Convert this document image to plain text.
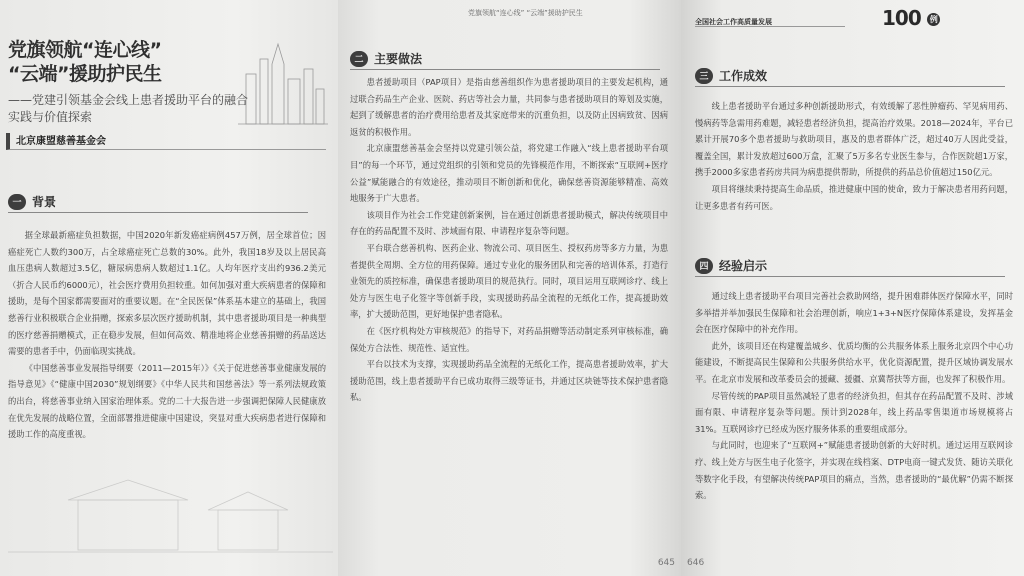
党旗领航“连心线”
“云端”援助护民生
——党建引领基金会线上患者援助平台的融合
实践与价值探索
北京康盟慈善基金会
一 背景

据全球最新癌症负担数据，中国2020年新发癌症病例457万例，居全球首位；因癌症死亡人数约300万，占全球癌症死亡总数的30%。此外，我国18岁及以上居民高血压患病人数超过3.5亿，糖尿病患病人数超过1.1亿。人均年医疗支出约936.2美元（折合人民币约6000元），社会医疗费用负担较重。如何加强对重大疾病患者的保障和援助，是每个国家都需要面对的重要议题。在“全民医保”体系基本建立的基础上，我国慈善行业积极联合企业捐赠，探索多层次医疗援助机制，其中患者援助项目是一种典型的医疗慈善捐赠模式，正在稳步发展，但如何高效、精准地将企业慈善捐赠的药品送达需要的患者手中，仍面临现实挑战。

《中国慈善事业发展指导纲要（2011—2015年）》《关于促进慈善事业健康发展的指导意见》《“健康中国2030”规划纲要》《中华人民共和国慈善法》等一系列法规政策的出台，将慈善事业纳入国家治理体系。党的二十大报告进一步强调把保障人民健康放在优先发展的战略位置，全面部署推进健康中国建设，突显对重大疾病患者进行保障和援助工作的高度重视。

党旗领航“连心线” “云端”援助护民生
二 主要做法

患者援助项目（PAP项目）是指由慈善组织作为患者援助项目的主要发起机构，通过联合药品生产企业、医院、药店等社会力量，共同参与患者援助项目的筹划及实施，起到了缓解患者的治疗费用给患者及其家庭带来的沉重负担，以及防止因病致贫、因病返贫的积极作用。

北京康盟慈善基金会坚持以党建引领公益，将党建工作融入“线上患者援助平台项目”的每一个环节，通过党组织的引领和党员的先锋模范作用，不断探索“互联网+医疗公益”赋能融合的有效途径，推动项目不断创新和优化，确保慈善资源能够精准、高效地服务于广大患者。

该项目作为社会工作党建创新案例，旨在通过创新患者援助模式，解决传统项目中存在的药品配置不及时、涉域面有限、申请程序复杂等问题。

平台联合慈善机构、医药企业、物流公司、项目医生、授权药房等多方力量，为患者提供全周期、全方位的用药保障。通过专业化的服务团队和完善的培训体系，打造行业领先的质控标准，确保患者援助项目的规范执行。同时，项目运用互联网诊疗、线上处方与医生电子化签字等创新手段，实现援助药品全流程的无纸化工作，提高援助效率，扩大援助范围，更好地保护患者隐私。

在《医疗机构处方审核规范》的指导下，对药品捐赠等活动制定系列审核标准，确保处方合法性、规范性、适宜性。

平台以技术为支撑，实现援助药品全流程的无纸化工作，提高患者援助效率，扩大援助范围，线上患者援助平台已成功取得三级等证书，并通过区块链等技术保护患者隐私。

645
全国社会工作高质量发展
三 工作成效

线上患者援助平台通过多种创新援助形式，有效缓解了恶性肿瘤药、罕见病用药、慢病药等急需用药难题，减轻患者经济负担，提高治疗效果。2018—2024年，平台已累计开展70多个患者援助与救助项目，惠及的患者群体广泛，超过40万人因此受益，覆盖全国，累计发放超过600万盒，汇聚了5万多名专业医生参与，合作医院超1万家，携手2000多家患者药房共同为病患提供帮助，所提供的药品总价值超过150亿元。

项目将继续秉持提高生命品质，推进健康中国的使命，致力于解决患者用药问题，让更多患者有药可医。

四 经验启示

通过线上患者援助平台项目完善社会救助网络，提升困难群体医疗保障水平，同时多举措并举加强民生保障和社会治理创新，响应1+3+N医疗保障体系建设，发挥基金会在医疗保障中的补充作用。

此外，该项目还在构建覆盖城乡、优质均衡的公共服务体系上服务北京四个中心功能建设，不断提高民生保障和公共服务供给水平，优化资源配置，提升区域协调发展水平。在北京市发展和改革委员会的援藏、援疆、京冀帮扶等方面，也发挥了积极作用。

尽管传统的PAP项目虽然减轻了患者的经济负担，但其存在药品配置不及时、涉域面有限、申请程序复杂等问题。预计到2028年，线上药品零售渠道市场规模将占31%。互联网诊疗已经成为医疗服务体系的重要组成部分。

与此同时，也迎来了“互联网+”赋能患者援助创新的大好时机。通过运用互联网诊疗、线上处方与医生电子化签字，并实现在线档案、DTP电商一键式发货、随访关联化等数字化手段，有望解决传统PAP项目的痛点，当然，患者援助的“最优解”仍需不断探索。

646
100 例
